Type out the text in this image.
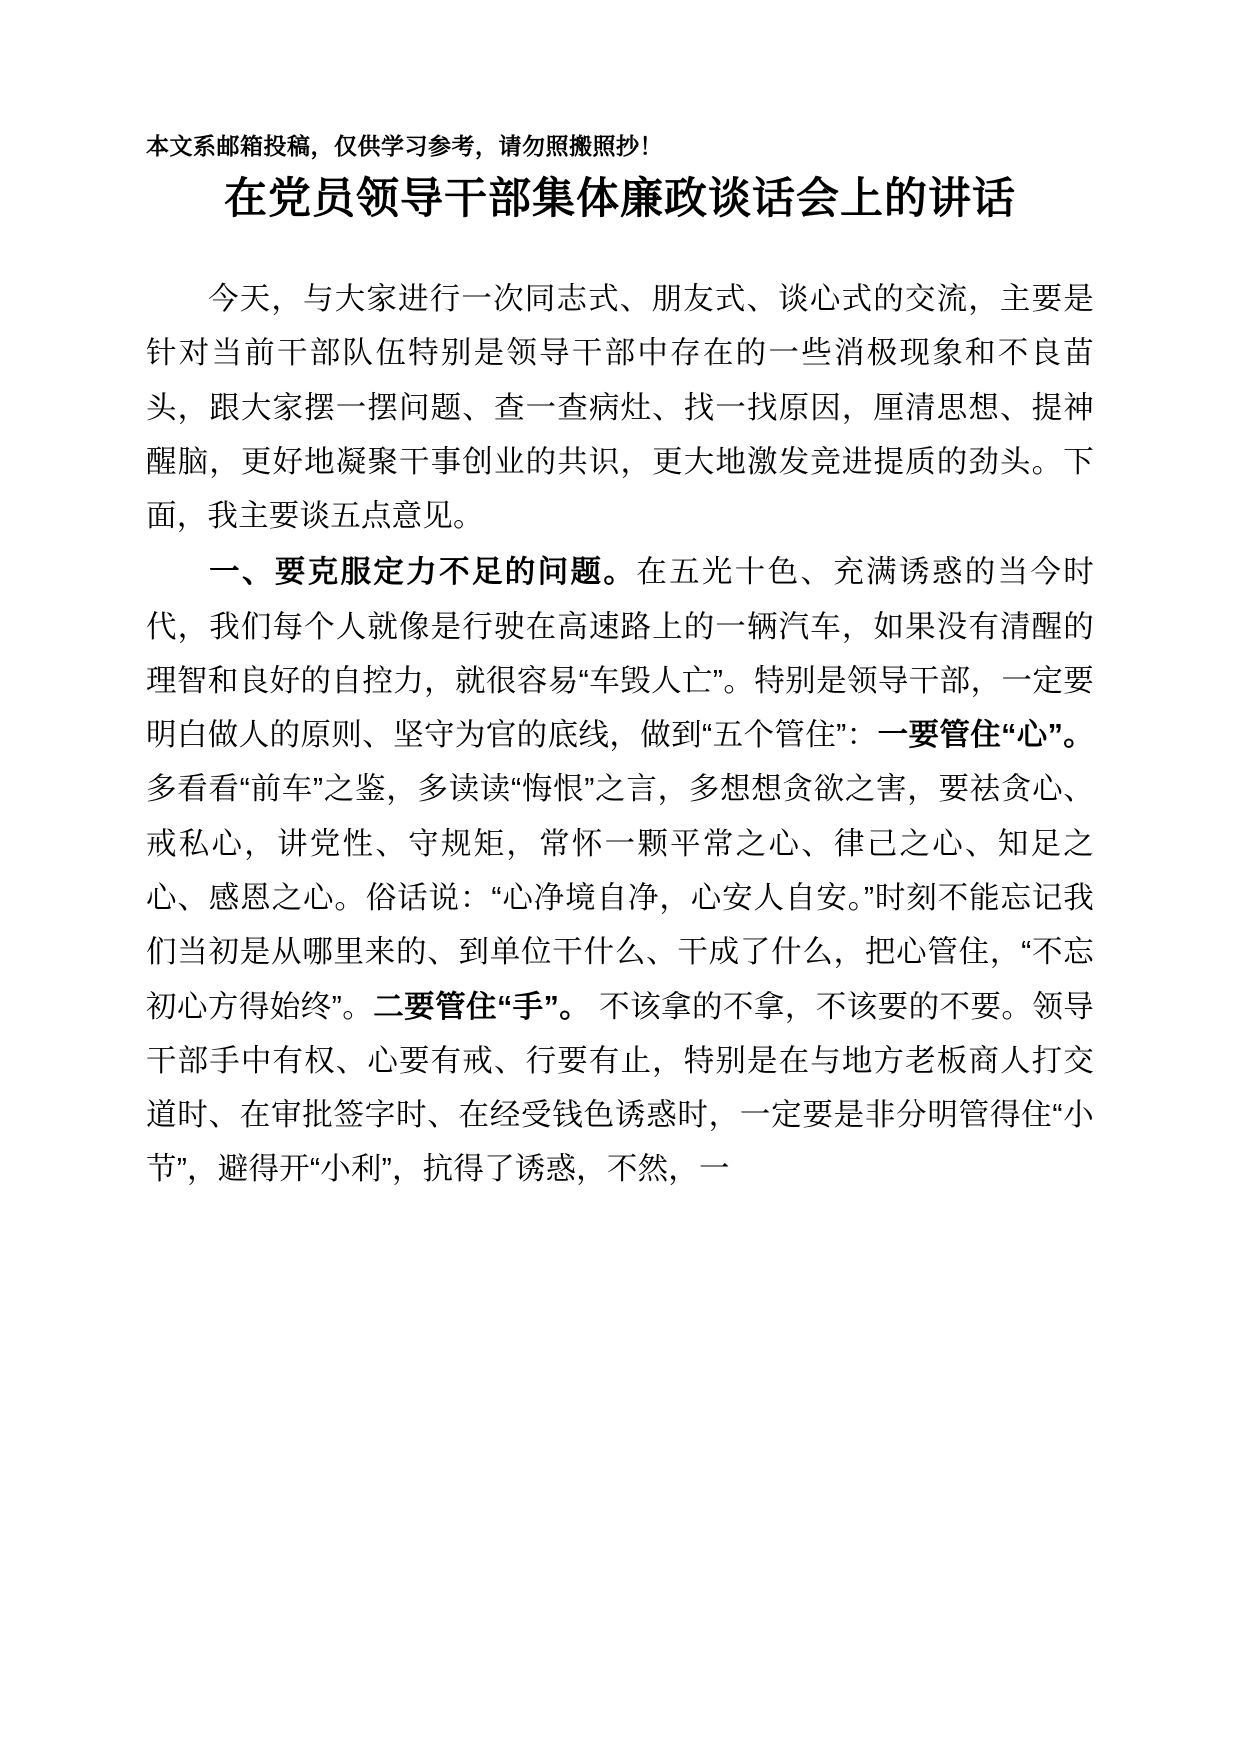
本文系邮箱投稿，仅供学习参考，请勿照搬照抄！
在党员领导干部集体廉政谈话会上的讲话

今天，与大家进行一次同志式、朋友式、谈心式的交流，主要是针对当前干部队伍特别是领导干部中存在的一些消极现象和不良苗头，跟大家摆一摆问题、查一查病灶、找一找原因，厘清思想、提神醒脑，更好地凝聚干事创业的共识，更大地激发竞进提质的劲头。下面，我主要谈五点意见。

一、要克服定力不足的问题。在五光十色、充满诱惑的当今时代，我们每个人就像是行驶在高速路上的一辆汽车，如果没有清醒的理智和良好的自控力，就很容易“车毁人亡”。特别是领导干部，一定要明白做人的原则、坚守为官的底线，做到“五个管住”：一要管住“心”。多看看“前车”之鉴，多读读“悔恨”之言，多想想贪欲之害，要祛贪心、戒私心，讲党性、守规矩，常怀一颗平常之心、律己之心、知足之心、感恩之心。俗话说：“心净境自净，心安人自安。”时刻不能忘记我们当初是从哪里来的、到单位干什么、干成了什么，把心管住，“不忘初心方得始终”。二要管住“手”。 不该拿的不拿，不该要的不要。领导干部手中有权、心要有戒、行要有止，特别是在与地方老板商人打交道时、在审批签字时、在经受钱色诱惑时，一定要是非分明管得住“小节”，避得开“小利”，抗得了诱惑，不然，一
